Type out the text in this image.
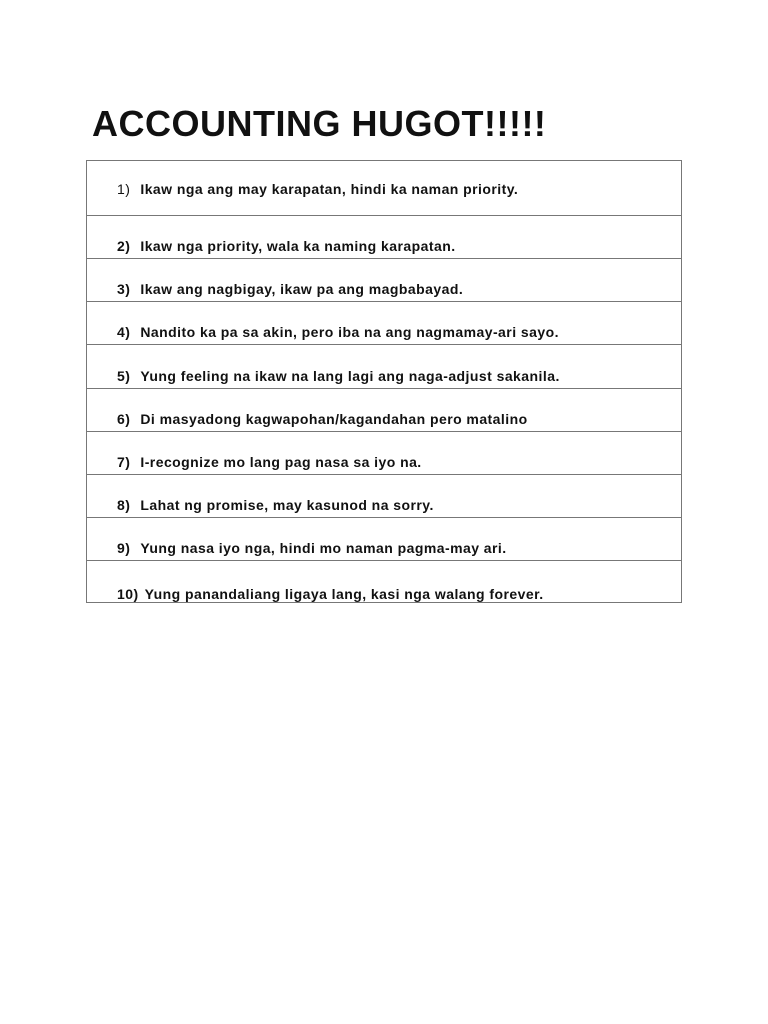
ACCOUNTING HUGOT!!!!!
1) Ikaw nga ang may karapatan, hindi ka naman priority.
2) Ikaw nga priority, wala ka naming karapatan.
3) Ikaw ang nagbigay, ikaw pa ang magbabayad.
4) Nandito ka pa sa akin, pero iba na ang nagmamay-ari sayo.
5) Yung feeling na ikaw na lang lagi ang naga-adjust sakanila.
6) Di masyadong kagwapohan/kagandahan pero matalino
7) I-recognize mo lang pag nasa sa iyo na.
8) Lahat ng promise, may kasunod na sorry.
9) Yung nasa iyo nga, hindi mo naman pagma-may ari.
10) Yung panandaliang ligaya lang, kasi nga walang forever.
